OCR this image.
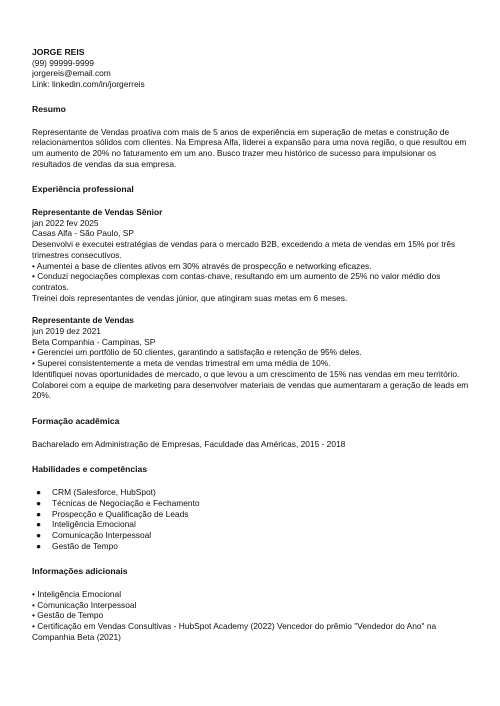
JORGE REIS
(99) 99999-9999
jorgereis@email.com
Link: linkedin.com/in/jorgerreis
Resumo
Representante de Vendas proativa com mais de 5 anos de experiência em superação de metas e construção de relacionamentos sólidos com clientes. Na Empresa Alfa, liderei a expansão para uma nova região, o que resultou em um aumento de 20% no faturamento em um ano. Busco trazer meu histórico de sucesso para impulsionar os resultados de vendas da sua empresa.
Experiência professional
Representante de Vendas Sênior
jan 2022 fev 2025
Casas Alfa - São Paulo, SP
Desenvolvi e executei estratégias de vendas para o mercado B2B, excedendo a meta de vendas em 15% por três trimestres consecutivos.
• Aumentei a base de clientes ativos em 30% através de prospecção e networking eficazes.
• Conduzi negociações complexas com contas-chave, resultando em um aumento de 25% no valor médio dos contratos.
Treinei dois representantes de vendas júnior, que atingiram suas metas em 6 meses.
Representante de Vendas
jun 2019 dez 2021
Beta Companhia - Campinas, SP
• Gerenciei um portfólio de 50 clientes, garantindo a satisfação e retenção de 95% deles.
• Superei consistentemente a meta de vendas trimestral em uma média de 10%.
Identifiquei novas oportunidades de mercado, o que levou a um crescimento de 15% nas vendas em meu território.
Colaborei com a equipe de marketing para desenvolver materiais de vendas que aumentaram a geração de leads em 20%.
Formação acadêmica
Bacharelado em Administração de Empresas, Faculdade das Américas, 2015 - 2018
Habilidades e competências
● CRM (Salesforce, HubSpot)
● Técnicas de Negociação e Fechamento
● Prospecção e Qualificação de Leads
● Inteligência Emocional
● Comunicação Interpessoal
● Gestão de Tempo
Informações adicionais
• Inteligência Emocional
• Comunicação Interpessoal
• Gestão de Tempo
• Certificação em Vendas Consultivas - HubSpot Academy (2022) Vencedor do prêmio "Vendedor do Ano" na Companhia Beta (2021)
